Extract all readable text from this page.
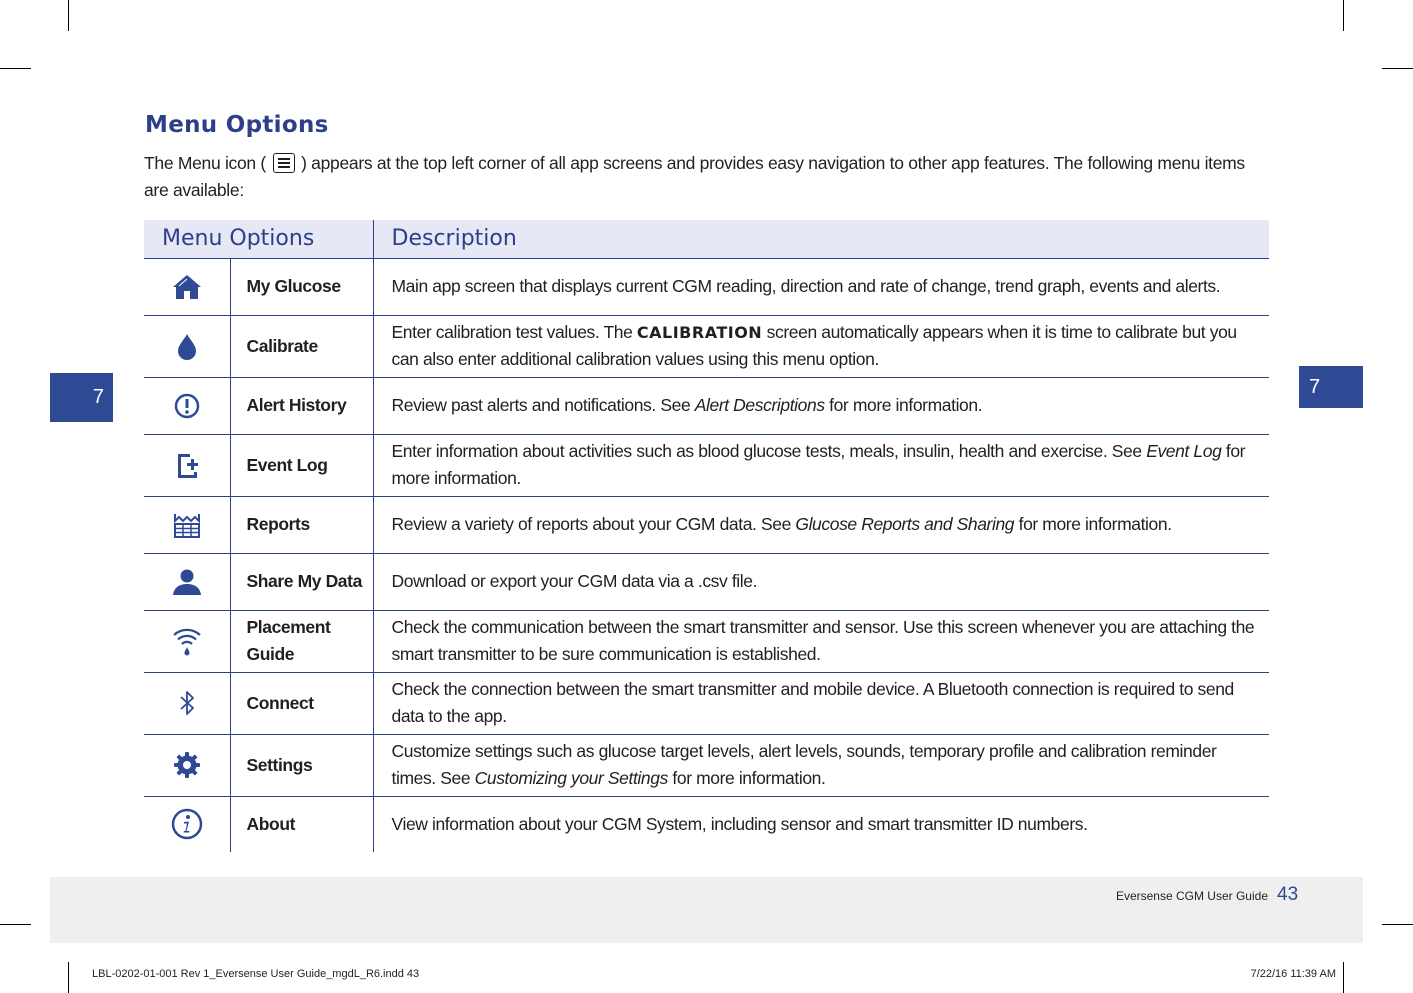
7	7
Menu Options

The Menu icon ( ) appears at the top left corner of all app screens and provides easy navigation to other app features. The following menu items are available:

Menu Options		Description

	My Glucose	Main app screen that displays current CGM reading, direction and rate of change, trend graph, events and alerts.

	Calibrate	Enter calibration test values. The CALIBRATION screen automatically appears when it is time to calibrate but you can also enter additional calibration values using this menu option.

	Alert History	Review past alerts and notifications. See Alert Descriptions for more information.

	Event Log	Enter information about activities such as blood glucose tests, meals, insulin, health and exercise. See Event Log for more information.

	Reports	Review a variety of reports about your CGM data. See Glucose Reports and Sharing for more information.

	Share My Data	Download or export your CGM data via a .csv file.

	Placement Guide	Check the communication between the smart transmitter and sensor. Use this screen whenever you are attaching the smart transmitter to be sure communication is established.

	Connect	Check the connection between the smart transmitter and mobile device. A Bluetooth connection is required to send data to the app.

	Settings	Customize settings such as glucose target levels, alert levels, sounds, temporary profile and calibration reminder times. See Customizing your Settings for more information.

	About	View information about your CGM System, including sensor and smart transmitter ID numbers.
Eversense CGM User Guide 43
LBL-0202-01-001 Rev 1_Eversense User Guide_mgdL_R6.indd 43	7/22/16 11:39 AM
